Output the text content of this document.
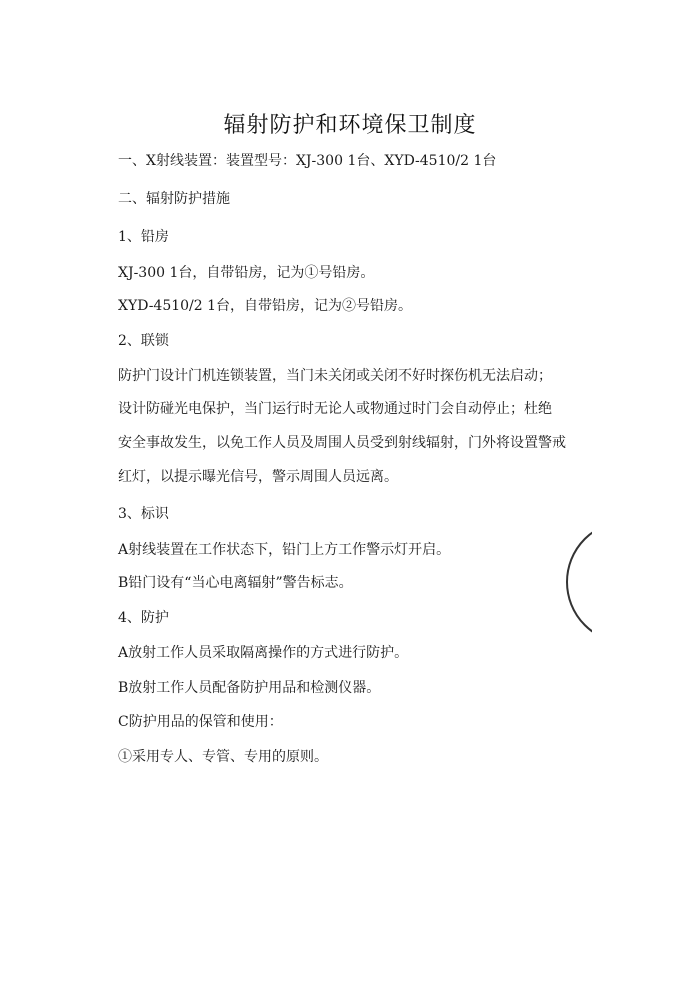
辐射防护和环境保卫制度
一、X射线装置：装置型号：XJ-300 1台、XYD-4510/2 1台
二、辐射防护措施
1、铅房
XJ-300 1台，自带铅房，记为①号铅房。
XYD-4510/2 1台，自带铅房，记为②号铅房。
2、联锁
防护门设计门机连锁装置，当门未关闭或关闭不好时探伤机无法启动；
设计防碰光电保护，当门运行时无论人或物通过时门会自动停止；杜绝
安全事故发生，以免工作人员及周围人员受到射线辐射，门外将设置警戒
红灯，以提示曝光信号，警示周围人员远离。
3、标识
A射线装置在工作状态下，铅门上方工作警示灯开启。
B铅门设有“当心电离辐射”警告标志。
4、防护
A放射工作人员采取隔离操作的方式进行防护。
B放射工作人员配备防护用品和检测仪器。
C防护用品的保管和使用：
①采用专人、专管、专用的原则。
